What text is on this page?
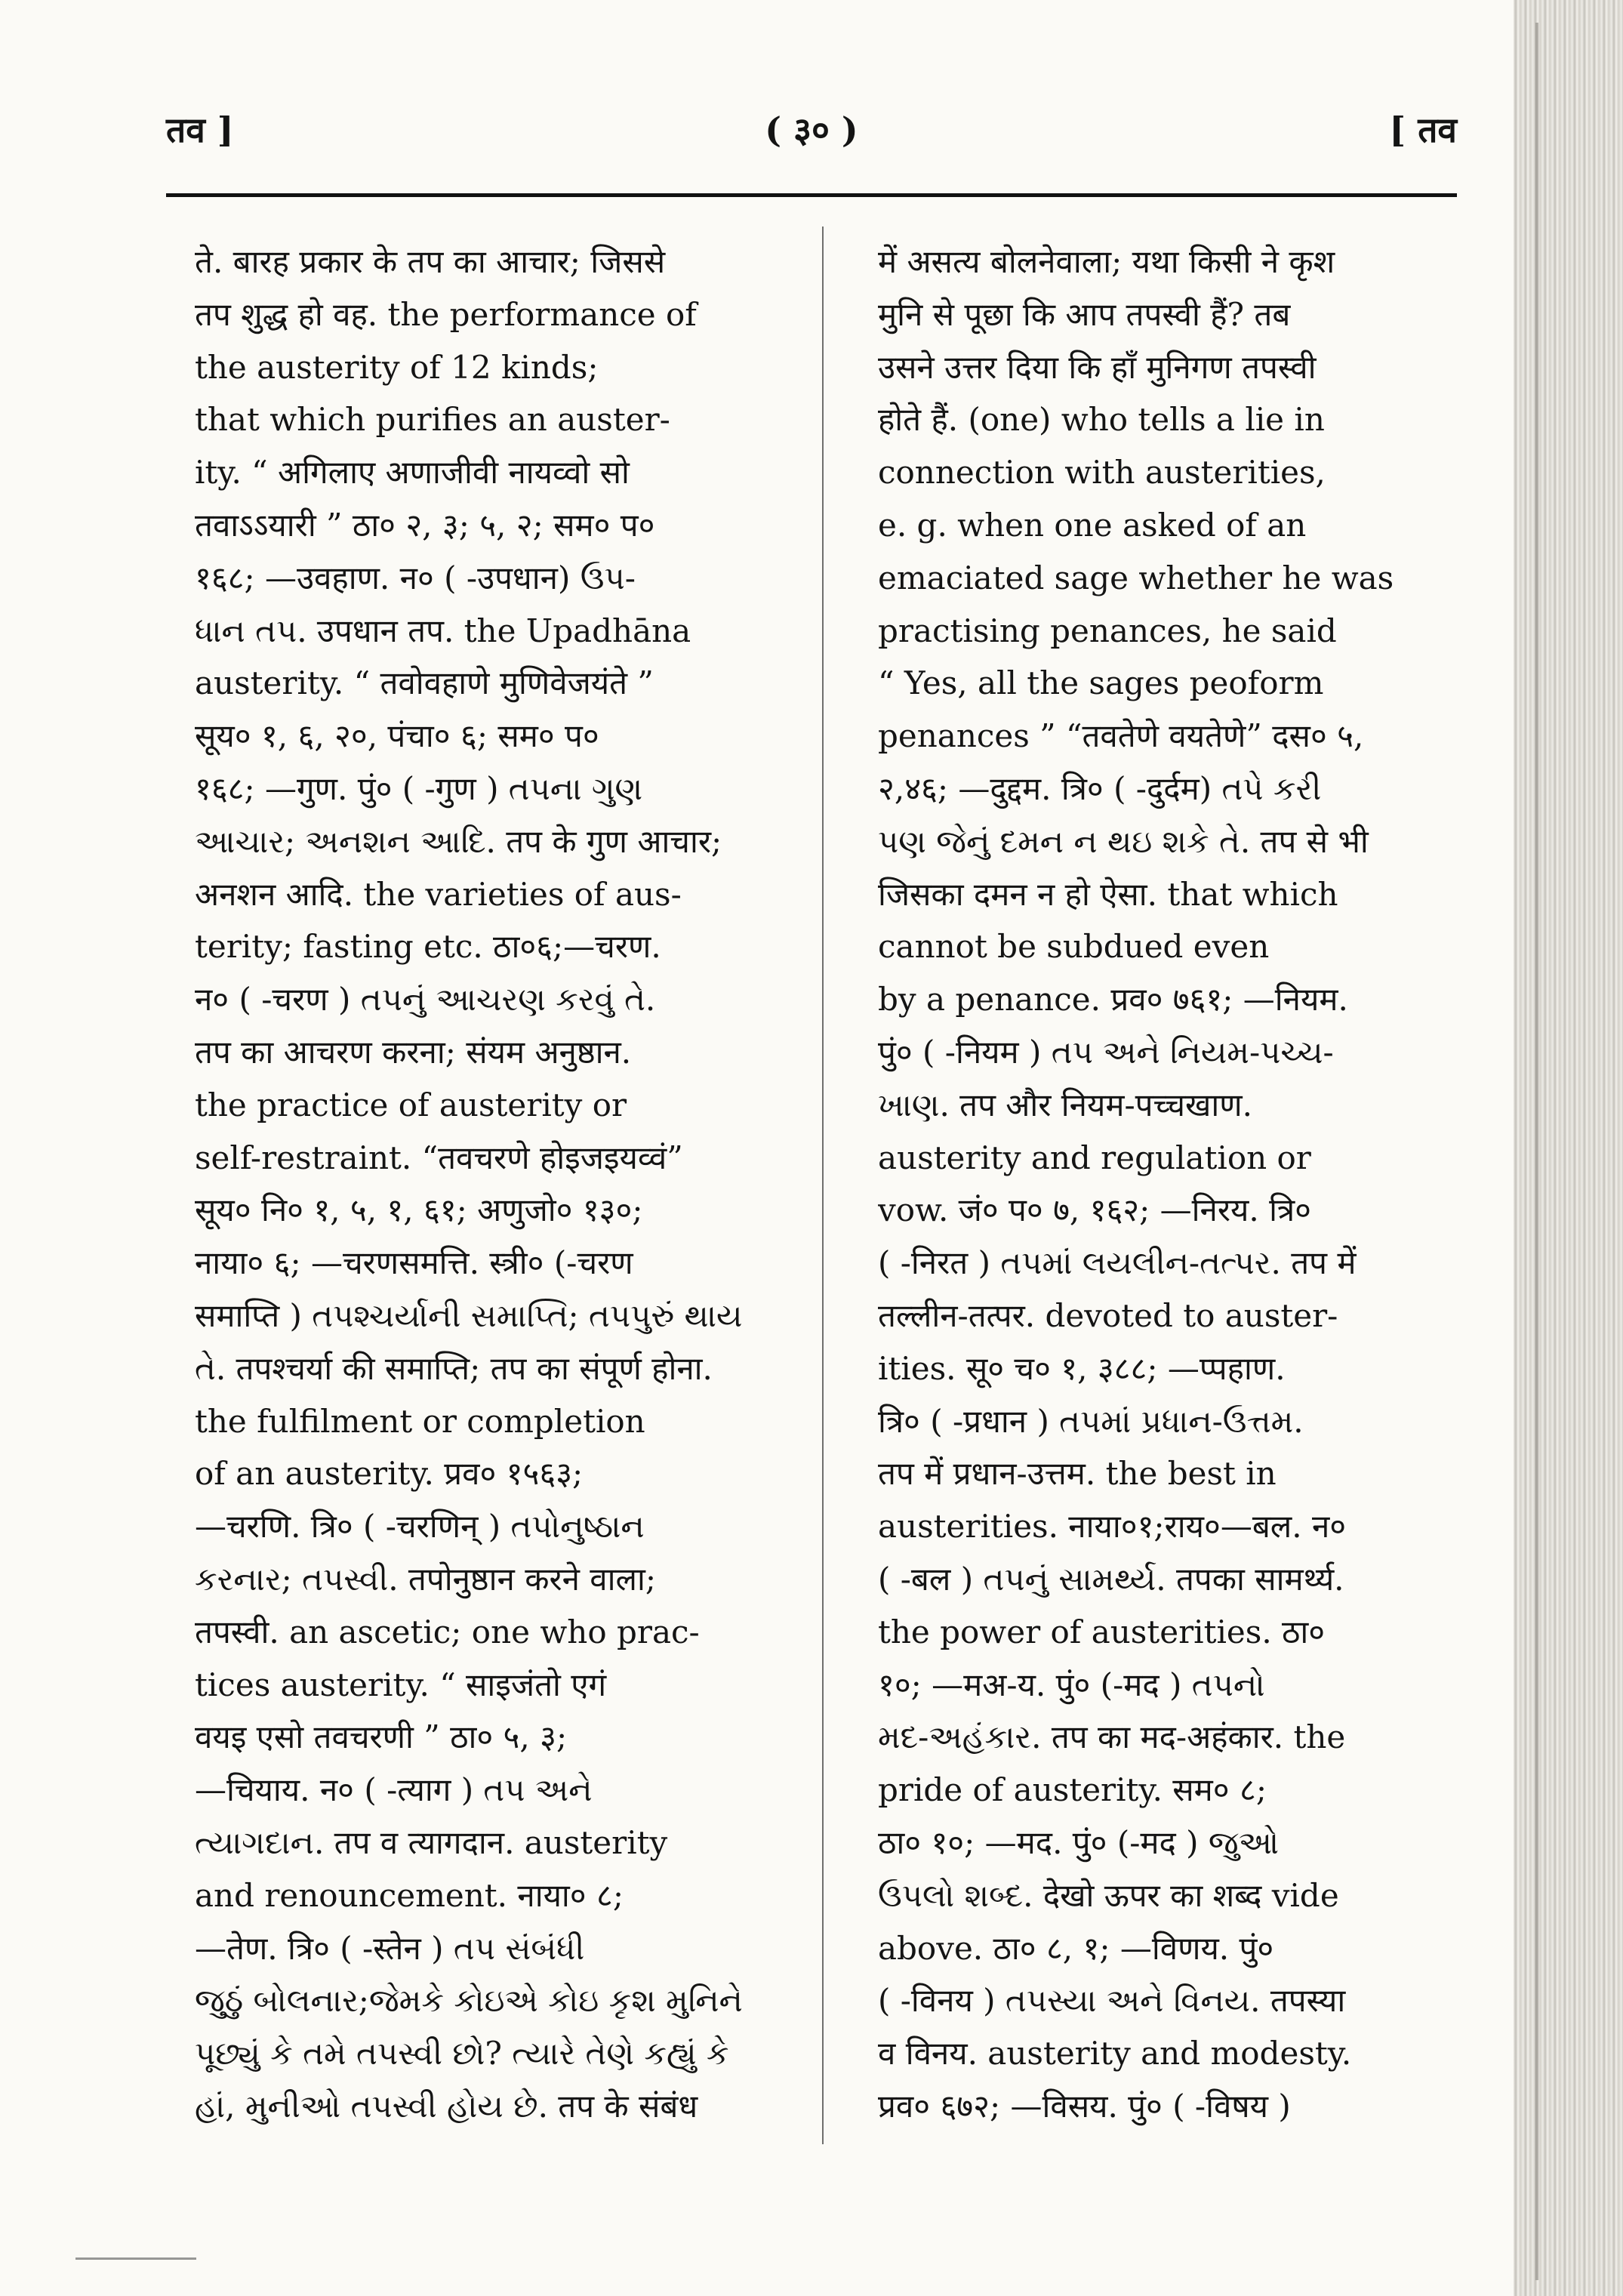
तव ]	( ३० )	[ तव
ते. बारह प्रकार के तप का आचार; जिससे
तप शुद्ध हो वह. the performance of
the austerity of 12 kinds;
that which purifies an auster-
ity. “ अगिलाए अणाजीवी नायव्वो सो
तवाऽऽयारी ” ठा० २, ३; ५, २; सम० प०
१६८; —उवहाण. न० ( -उपधान) ઉપ-
ધાન તપ. उपधान तप. the Upadhāna
austerity. “ तवोवहाणे मुणिवेजयंते ”
सूय० १, ६, २०, पंचा० ६; सम० प०
१६८; —गुण. पुं० ( -गुण ) તપના ગુણ
આચાર; અનશન આદિ. तप के गुण आचार;
अनशन आदि. the varieties of aus-
terity; fasting etc. ठा०६;—चरण.
न० ( -चरण ) તપનું આચરણ કરવું તે.
तप का आचरण करना; संयम अनुष्ठान.
the practice of austerity or
self-restraint. “तवचरणे होइजइयव्वं”
सूय० नि० १, ५, १, ६१; अणुजो० १३०;
नाया० ६; —चरणसमत्ति. स्त्री० (-चरण
समाप्ति ) તપશ્ચર્યાની સમાપ્તિ; તપપુરું થાય
તે. तपश्चर्या की समाप्ति; तप का संपूर्ण होना.
the fulfilment or completion
of an austerity. प्रव० १५६३;
—चरणि. त्रि० ( -चरणिन् ) તપોનુષ્ઠાન
કરનાર; તપસ્વી. तपोनुष्ठान करने वाला;
तपस्वी. an ascetic; one who prac-
tices austerity. “ साइजंतो एगं
वयइ एसो तवचरणी ” ठा० ५, ३;
—चियाय. न० ( -त्याग ) તપ અને
ત્યાગદાન. तप व त्यागदान. austerity
and renouncement. नाया० ८;
—तेण. त्रि० ( -स्तेन ) તપ સંબંધી
જુઠું બોલનાર;જેમકે કોઇએ કોઇ કૃશ મુનિને
પૂછ્યું કે તમે તપસ્વી છો? ત્યારે તેણે કહ્યું કે
હાં, મુનીઓ તપસ્વી હોય છે. तप के संबंध
में असत्य बोलनेवाला; यथा किसी ने कृश
मुनि से पूछा कि आप तपस्वी हैं? तब
उसने उत्तर दिया कि हाँ मुनिगण तपस्वी
होते हैं. (one) who tells a lie in
connection with austerities,
e. g. when one asked of an
emaciated sage whether he was
practising penances, he said
“ Yes, all the sages peoform
penances ” “तवतेणे वयतेणे” दस० ५,
२,४६; —दुद्दम. त्रि० ( -दुर्दम) તપે કરી
પણ જેનું દમન ન થઇ શકે તે. तप से भी
जिसका दमन न हो ऐसा. that which
cannot be subdued even
by a penance. प्रव० ७६१; —नियम.
पुं० ( -नियम ) તપ અને નિયમ-પચ્ચ-
ખાણ. तप और नियम-पच्चखाण.
austerity and regulation or
vow. जं० प० ७, १६२; —निरय. त्रि०
( -निरत ) તપમાં લયલીન-તત્પર. तप में
तल्लीन-तत्पर. devoted to auster-
ities. सू० च० १, ३८८; —प्पहाण.
त्रि० ( -प्रधान ) તપમાં પ્રધાન-ઉત્તમ.
तप में प्रधान-उत्तम. the best in
austerities. नाया०१;राय०—बल. न०
( -बल ) તપનું સામર્થ્ય. तपका सामर्थ्य.
the power of austerities. ठा०
१०; —मअ-य. पुं० (-मद ) તપનો
મદ-અહંકાર. तप का मद-अहंकार. the
pride of austerity. सम० ८;
ठा० १०; —मद. पुं० (-मद ) જુઓ
ઉપલો શબ્દ. देखो ऊपर का शब्द vide
above. ठा० ८, १; —विणय. पुं०
( -विनय ) તપસ્યા અને વિનય. तपस्या
व विनय. austerity and modesty.
प्रव० ६७२; —विसय. पुं० ( -विषय )
